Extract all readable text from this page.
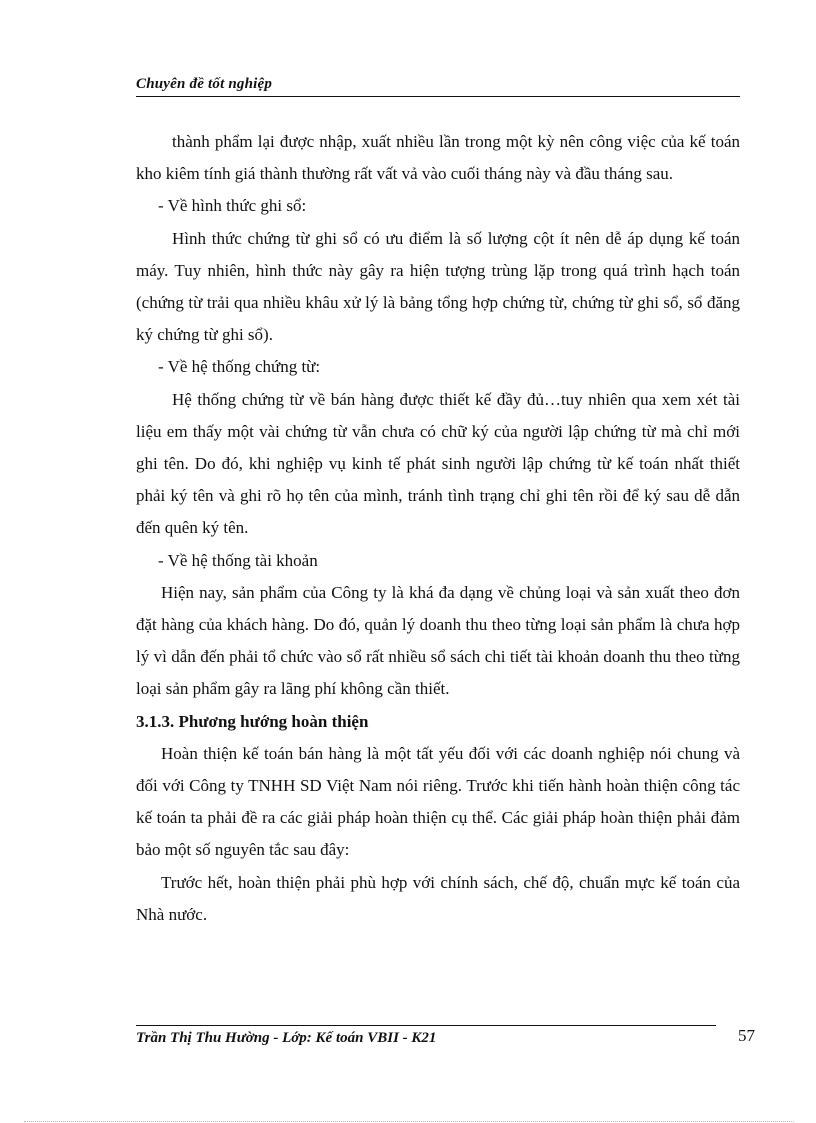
Chuyên đề tốt nghiệp

thành phẩm lại được nhập, xuất nhiều lần trong một kỳ nên công việc của kế toán kho kiêm tính giá thành thường rất vất vả vào cuối tháng này và đầu tháng sau.

- Về hình thức ghi sổ:

Hình thức chứng từ ghi sổ có ưu điểm là số lượng cột ít nên dễ áp dụng kế toán máy. Tuy nhiên, hình thức này gây ra hiện tượng trùng lặp trong quá trình hạch toán (chứng từ trải qua nhiều khâu xử lý là bảng tổng hợp chứng từ, chứng từ ghi sổ, sổ đăng ký chứng từ ghi sổ).

- Về hệ thống chứng từ:

Hệ thống chứng từ về bán hàng được thiết kế đầy đủ…tuy nhiên qua xem xét tài liệu em thấy một vài chứng từ vẫn chưa có chữ ký của người lập chứng từ mà chỉ mới ghi tên. Do đó, khi nghiệp vụ kinh tế phát sinh người lập chứng từ kế toán nhất thiết phải ký tên và ghi rõ họ tên của mình, tránh tình trạng chỉ ghi tên rồi để ký sau dễ dẫn đến quên ký tên.

- Về hệ thống tài khoản

Hiện nay, sản phẩm của Công ty là khá đa dạng về chủng loại và sản xuất theo đơn đặt hàng của khách hàng. Do đó, quản lý doanh thu theo từng loại sản phẩm là chưa hợp lý vì dẫn đến phải tổ chức vào sổ rất nhiều sổ sách chi tiết tài khoản doanh thu theo từng loại sản phẩm gây ra lãng phí không cần thiết.

3.1.3. Phương hướng hoàn thiện

Hoàn thiện kế toán bán hàng là một tất yếu đối với các doanh nghiệp nói chung và đối với Công ty TNHH SD Việt Nam nói riêng. Trước khi tiến hành hoàn thiện công tác kế toán ta phải đề ra các giải pháp hoàn thiện cụ thể. Các giải pháp hoàn thiện phải đảm bảo một số nguyên tắc sau đây:

Trước hết, hoàn thiện phải phù hợp với chính sách, chế độ, chuẩn mực kế toán của Nhà nước.

Trần Thị Thu Hường - Lớp: Kế toán VBII - K21	57
